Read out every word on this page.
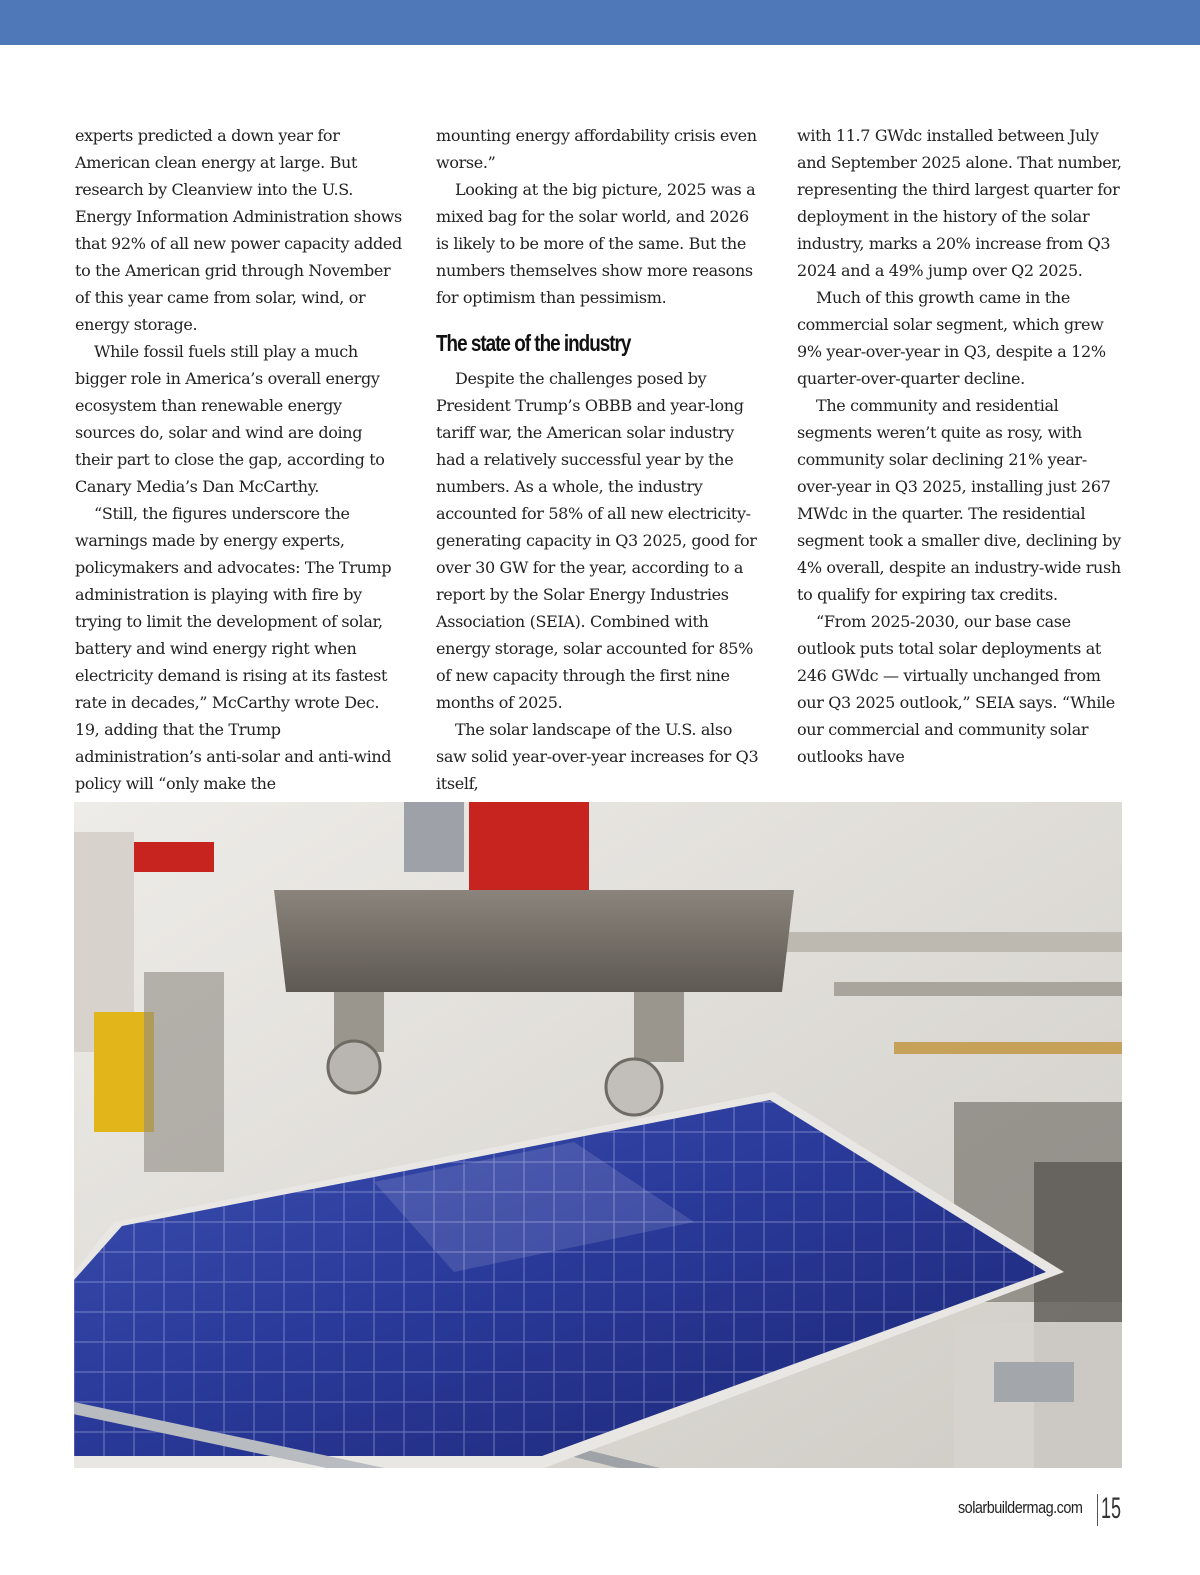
experts predicted a down year for American clean energy at large. But research by Cleanview into the U.S. Energy Information Administration shows that 92% of all new power capacity added to the American grid through November of this year came from solar, wind, or energy storage.

While fossil fuels still play a much bigger role in America’s overall energy ecosystem than renewable energy sources do, solar and wind are doing their part to close the gap, according to Canary Media’s Dan McCarthy.

“Still, the figures underscore the warnings made by energy experts, policymakers and advocates: The Trump administration is playing with fire by trying to limit the development of solar, battery and wind energy right when electricity demand is rising at its fastest rate in decades,” McCarthy wrote Dec. 19, adding that the Trump administration’s anti-solar and anti-wind policy will “only make the

mounting energy affordability crisis even worse.”

Looking at the big picture, 2025 was a mixed bag for the solar world, and 2026 is likely to be more of the same. But the numbers themselves show more reasons for optimism than pessimism.

The state of the industry

Despite the challenges posed by President Trump’s OBBB and year-long tariff war, the American solar industry had a relatively successful year by the numbers. As a whole, the industry accounted for 58% of all new electricity-generating capacity in Q3 2025, good for over 30 GW for the year, according to a report by the Solar Energy Industries Association (SEIA). Combined with energy storage, solar accounted for 85% of new capacity through the first nine months of 2025.

The solar landscape of the U.S. also saw solid year-over-year increases for Q3 itself,

with 11.7 GWdc installed between July and September 2025 alone. That number, representing the third largest quarter for deployment in the history of the solar industry, marks a 20% increase from Q3 2024 and a 49% jump over Q2 2025.

Much of this growth came in the commercial solar segment, which grew 9% year-over-year in Q3, despite a 12% quarter-over-quarter decline.

The community and residential segments weren’t quite as rosy, with community solar declining 21% year-over-year in Q3 2025, installing just 267 MWdc in the quarter. The residential segment took a smaller dive, declining by 4% overall, despite an industry-wide rush to qualify for expiring tax credits.

“From 2025-2030, our base case outlook puts total solar deployments at 246 GWdc — virtually unchanged from our Q3 2025 outlook,” SEIA says. “While our commercial and community solar outlooks have

solarbuildermag.com 15
